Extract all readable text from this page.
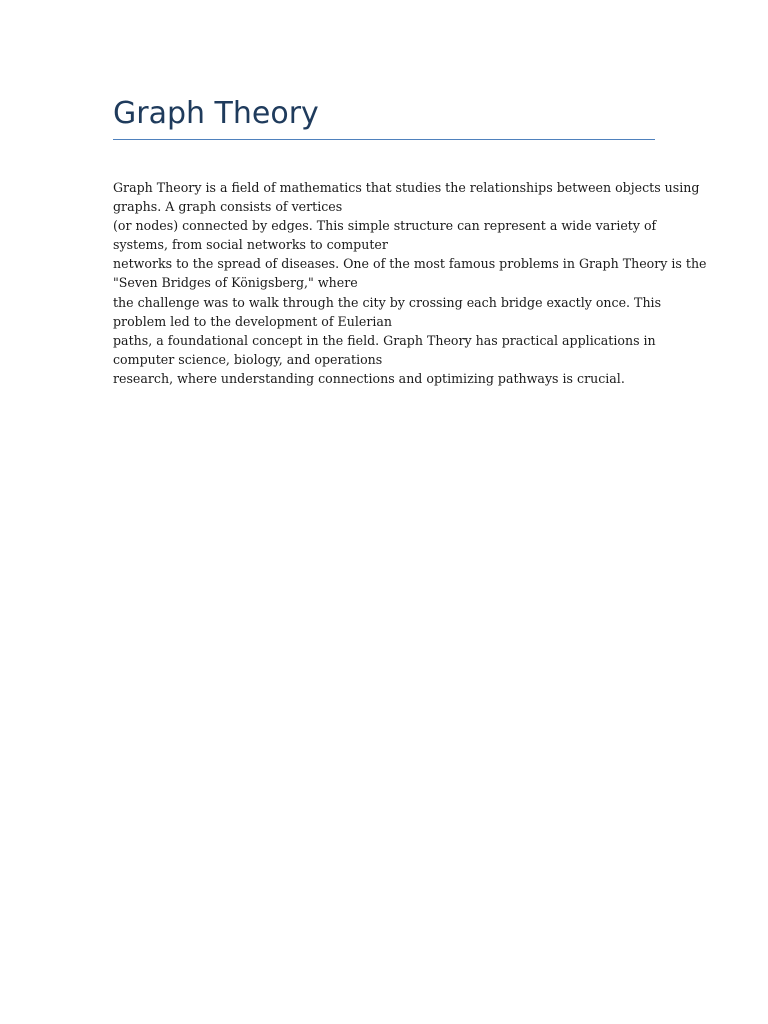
Graph Theory
Graph Theory is a field of mathematics that studies the relationships between objects using
graphs. A graph consists of vertices
(or nodes) connected by edges. This simple structure can represent a wide variety of
systems, from social networks to computer
networks to the spread of diseases. One of the most famous problems in Graph Theory is the
"Seven Bridges of Königsberg," where
the challenge was to walk through the city by crossing each bridge exactly once. This
problem led to the development of Eulerian
paths, a foundational concept in the field. Graph Theory has practical applications in
computer science, biology, and operations
research, where understanding connections and optimizing pathways is crucial.
